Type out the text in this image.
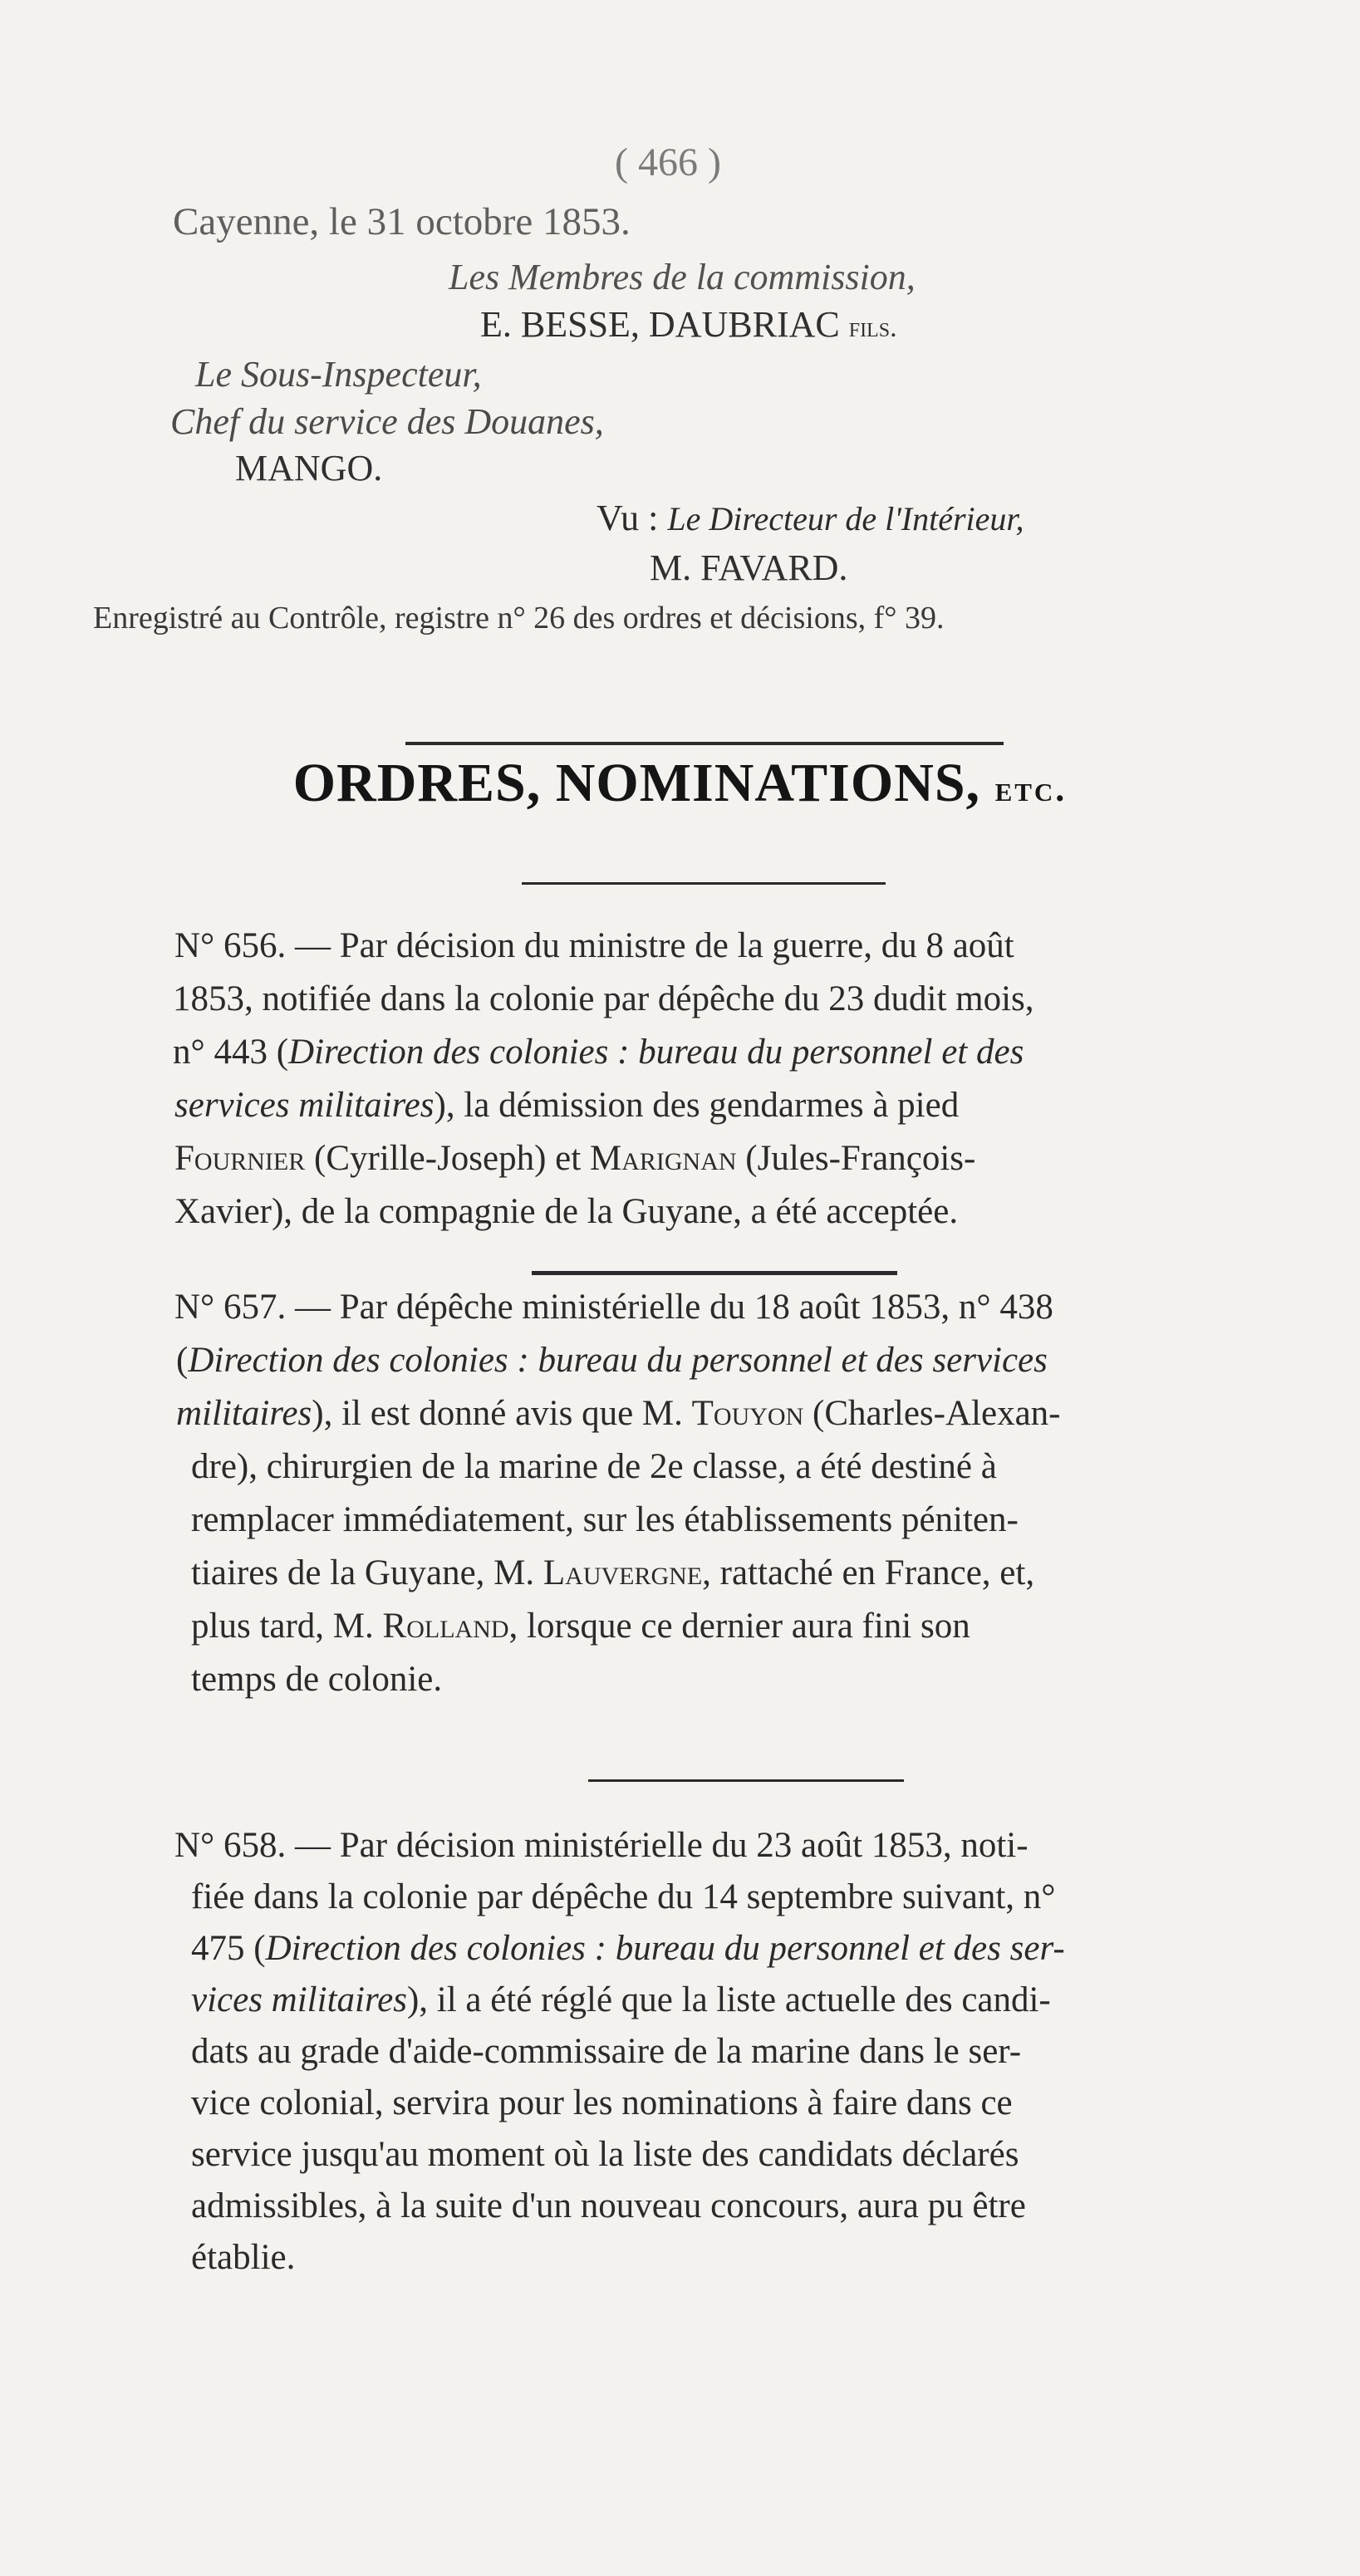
( 466 )
Cayenne, le 31 octobre 1853.
Les Membres de la commission,
E. BESSE, DAUBRIAC fils.
Le Sous-Inspecteur,
Chef du service des Douanes,
MANGO.
Vu : Le Directeur de l'Intérieur,
M. FAVARD.
Enregistré au Contrôle, registre n° 26 des ordres et décisions, f° 39.
ORDRES, NOMINATIONS, etc.
N° 656. — Par décision du ministre de la guerre, du 8 août
1853, notifiée dans la colonie par dépêche du 23 dudit mois,
n° 443 (Direction des colonies : bureau du personnel et des
services militaires), la démission des gendarmes à pied
Fournier (Cyrille-Joseph) et Marignan (Jules-François-
Xavier), de la compagnie de la Guyane, a été acceptée.
N° 657. — Par dépêche ministérielle du 18 août 1853, n° 438
(Direction des colonies : bureau du personnel et des services
militaires), il est donné avis que M. Touyon (Charles-Alexan-
dre), chirurgien de la marine de 2e classe, a été destiné à
remplacer immédiatement, sur les établissements péniten-
tiaires de la Guyane, M. Lauvergne, rattaché en France, et,
plus tard, M. Rolland, lorsque ce dernier aura fini son
temps de colonie.
N° 658. — Par décision ministérielle du 23 août 1853, noti-
fiée dans la colonie par dépêche du 14 septembre suivant, n°
475 (Direction des colonies : bureau du personnel et des ser-
vices militaires), il a été réglé que la liste actuelle des candi-
dats au grade d'aide-commissaire de la marine dans le ser-
vice colonial, servira pour les nominations à faire dans ce
service jusqu'au moment où la liste des candidats déclarés
admissibles, à la suite d'un nouveau concours, aura pu être
établie.
